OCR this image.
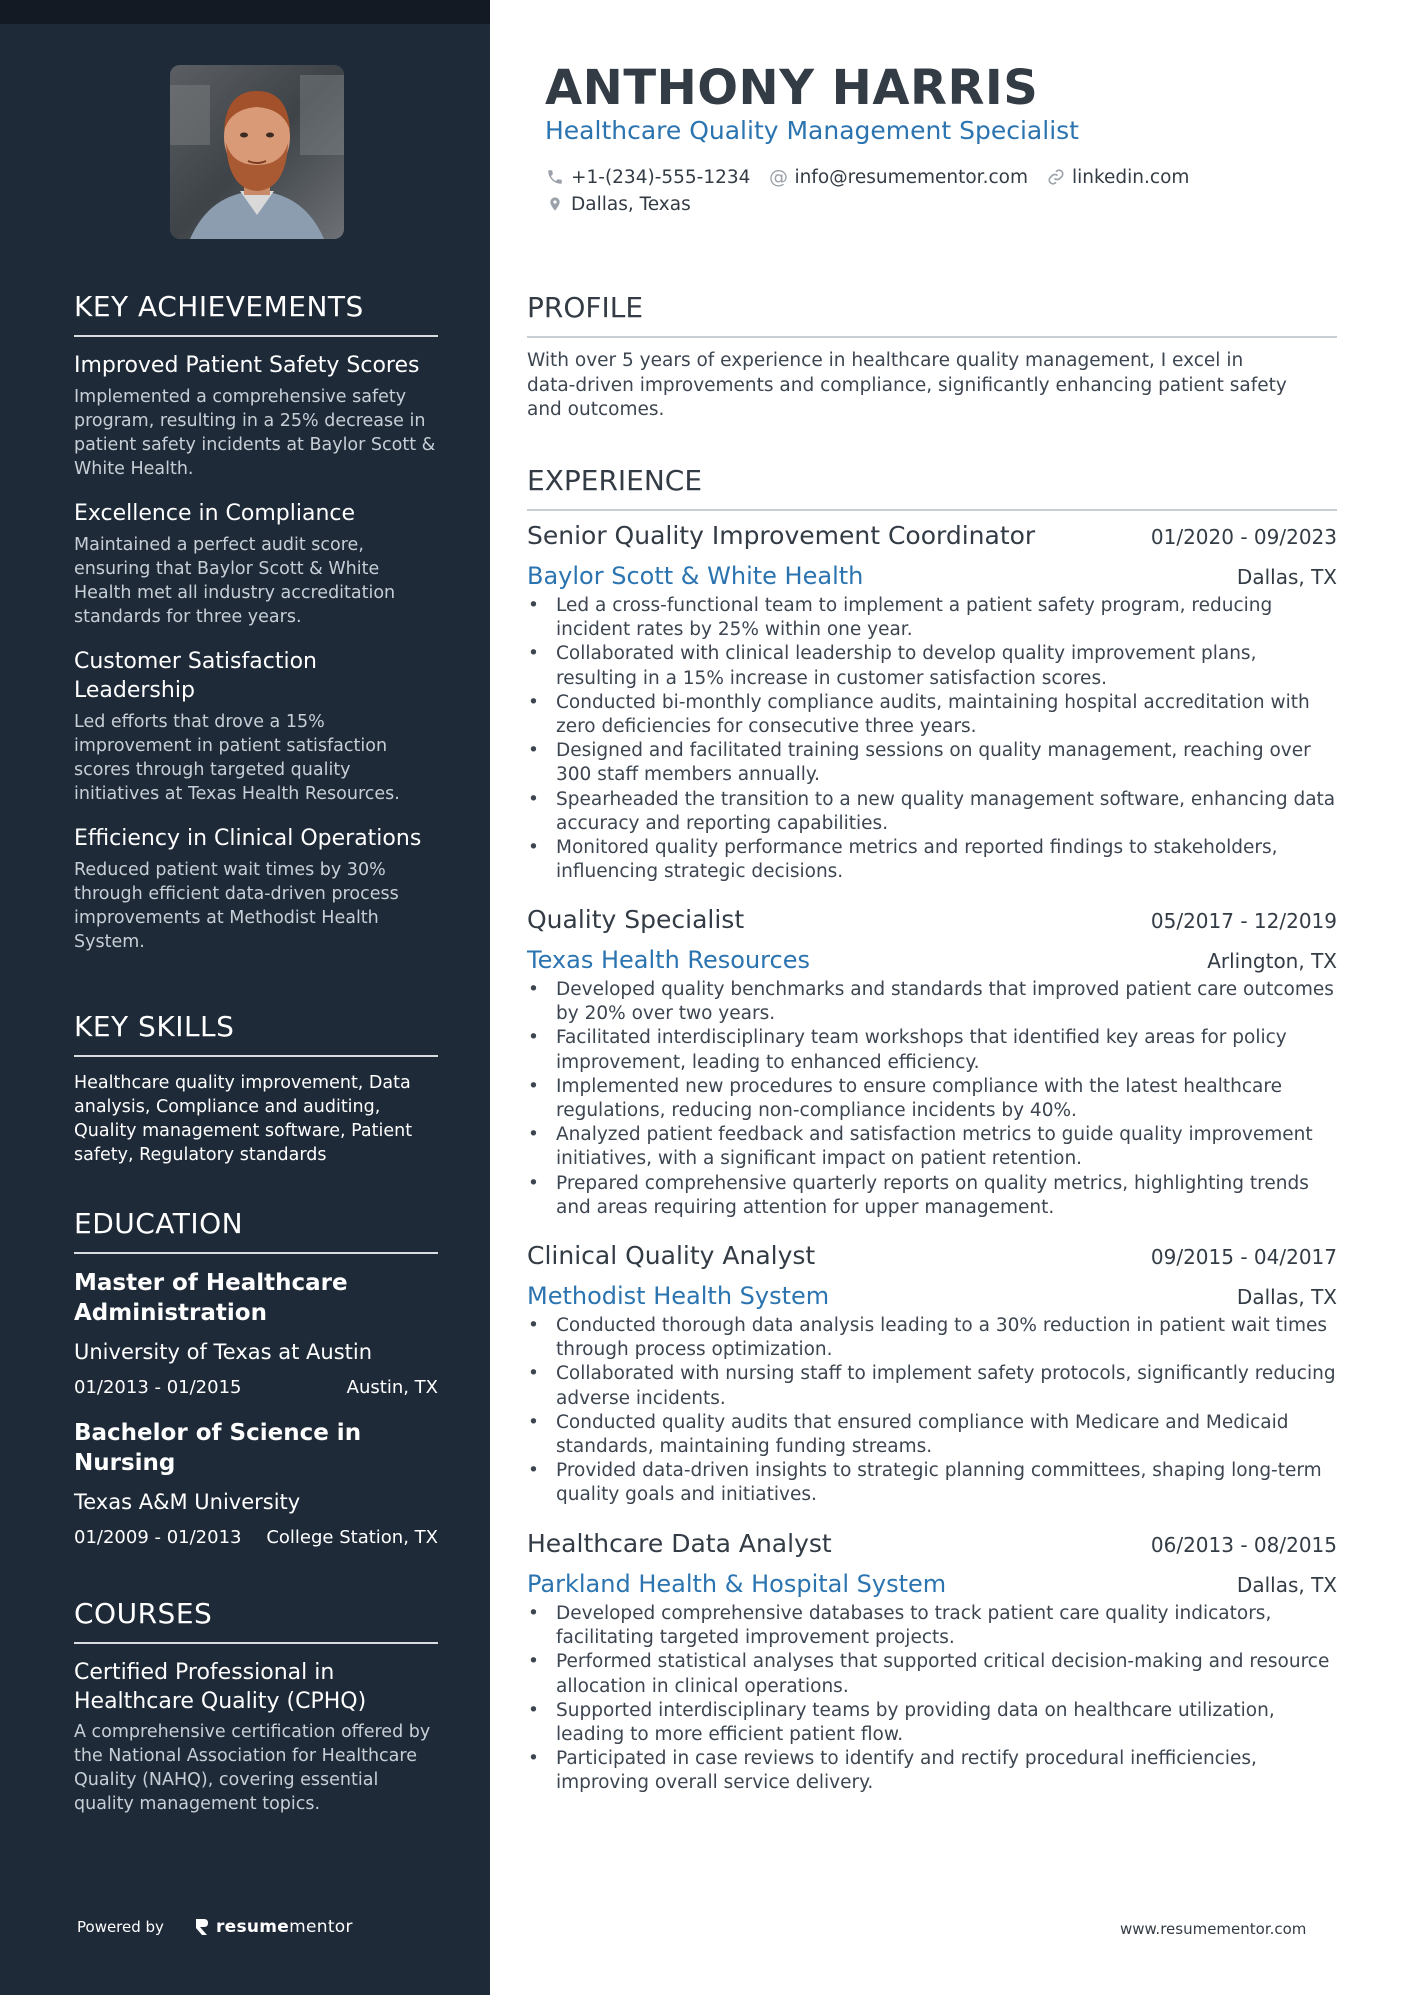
KEY ACHIEVEMENTS
Improved Patient Safety Scores
Implemented a comprehensive safety program, resulting in a 25% decrease in patient safety incidents at Baylor Scott & White Health.
Excellence in Compliance
Maintained a perfect audit score, ensuring that Baylor Scott & White Health met all industry accreditation standards for three years.
Customer Satisfaction Leadership
Led efforts that drove a 15% improvement in patient satisfaction scores through targeted quality initiatives at Texas Health Resources.
Efficiency in Clinical Operations
Reduced patient wait times by 30% through efficient data-driven process improvements at Methodist Health System.
KEY SKILLS
Healthcare quality improvement, Data analysis, Compliance and auditing, Quality management software, Patient safety, Regulatory standards
EDUCATION
Master of Healthcare Administration
University of Texas at Austin
01/2013 - 01/2015	Austin, TX
Bachelor of Science in Nursing
Texas A&M University
01/2009 - 01/2013 College Station, TX
COURSES
Certified Professional in Healthcare Quality (CPHQ)
A comprehensive certification offered by the National Association for Healthcare Quality (NAHQ), covering essential quality management topics.
Powered by	resume mentor
ANTHONY HARRIS
Healthcare Quality Management Specialist
+1-(234)-555-1234 @ info@resumementor.com linkedin.com
Dallas, Texas
PROFILE
With over 5 years of experience in healthcare quality management, I excel in data-driven improvements and compliance, significantly enhancing patient safety and outcomes.
EXPERIENCE
Senior Quality Improvement Coordinator	01/2020 - 09/2023
Baylor Scott & White Health	Dallas, TX
• Led a cross-functional team to implement a patient safety program, reducing incident rates by 25% within one year.
• Collaborated with clinical leadership to develop quality improvement plans, resulting in a 15% increase in customer satisfaction scores.
• Conducted bi-monthly compliance audits, maintaining hospital accreditation with zero deficiencies for consecutive three years.
• Designed and facilitated training sessions on quality management, reaching over 300 staff members annually.
• Spearheaded the transition to a new quality management software, enhancing data accuracy and reporting capabilities.
• Monitored quality performance metrics and reported findings to stakeholders, influencing strategic decisions.
Quality Specialist	05/2017 - 12/2019
Texas Health Resources	Arlington, TX
• Developed quality benchmarks and standards that improved patient care outcomes by 20% over two years.
• Facilitated interdisciplinary team workshops that identified key areas for policy improvement, leading to enhanced efficiency.
• Implemented new procedures to ensure compliance with the latest healthcare regulations, reducing non-compliance incidents by 40%.
• Analyzed patient feedback and satisfaction metrics to guide quality improvement initiatives, with a significant impact on patient retention.
• Prepared comprehensive quarterly reports on quality metrics, highlighting trends and areas requiring attention for upper management.
Clinical Quality Analyst	09/2015 - 04/2017
Methodist Health System	Dallas, TX
• Conducted thorough data analysis leading to a 30% reduction in patient wait times through process optimization.
• Collaborated with nursing staff to implement safety protocols, significantly reducing adverse incidents.
• Conducted quality audits that ensured compliance with Medicare and Medicaid standards, maintaining funding streams.
• Provided data-driven insights to strategic planning committees, shaping long-term quality goals and initiatives.
Healthcare Data Analyst	06/2013 - 08/2015
Parkland Health & Hospital System	Dallas, TX
• Developed comprehensive databases to track patient care quality indicators, facilitating targeted improvement projects.
• Performed statistical analyses that supported critical decision-making and resource allocation in clinical operations.
• Supported interdisciplinary teams by providing data on healthcare utilization, leading to more efficient patient flow.
• Participated in case reviews to identify and rectify procedural inefficiencies, improving overall service delivery.
www.resumementor.com
